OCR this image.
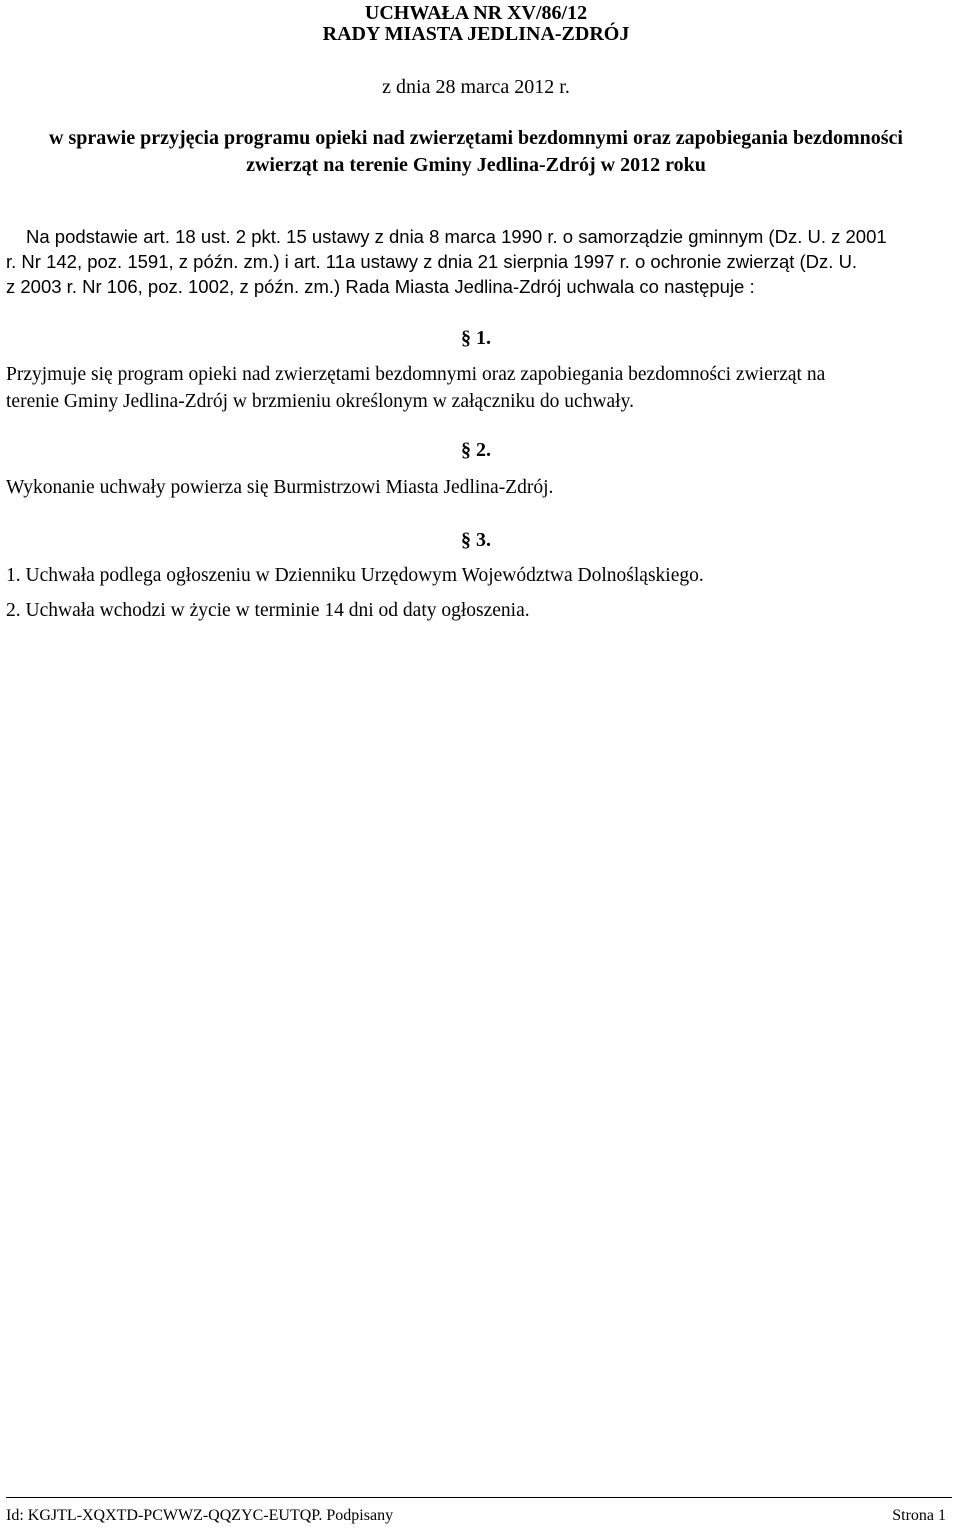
UCHWAŁA NR XV/86/12
RADY MIASTA JEDLINA-ZDRÓJ
z dnia 28 marca 2012 r.
w sprawie przyjęcia programu opieki nad zwierzętami bezdomnymi oraz zapobiegania bezdomności
zwierząt na terenie Gminy Jedlina-Zdrój w 2012 roku
Na podstawie art. 18 ust. 2 pkt. 15 ustawy z dnia 8 marca 1990 r. o samorządzie gminnym (Dz. U. z 2001
r. Nr 142, poz. 1591, z późn. zm.) i art. 11a ustawy z dnia 21 sierpnia 1997 r. o ochronie zwierząt (Dz. U.
z 2003 r. Nr 106, poz. 1002, z późn. zm.) Rada Miasta Jedlina-Zdrój uchwala co następuje :
§ 1.
Przyjmuje się program opieki nad zwierzętami bezdomnymi oraz zapobiegania bezdomności zwierząt na
terenie Gminy Jedlina-Zdrój w brzmieniu określonym w załączniku do uchwały.
§ 2.
Wykonanie uchwały powierza się Burmistrzowi Miasta Jedlina-Zdrój.
§ 3.
1. Uchwała podlega ogłoszeniu w Dzienniku Urzędowym Województwa Dolnośląskiego.
2. Uchwała wchodzi w życie w terminie 14 dni od daty ogłoszenia.
Id: KGJTL-XQXTD-PCWWZ-QQZYC-EUTQP. Podpisany	Strona 1
